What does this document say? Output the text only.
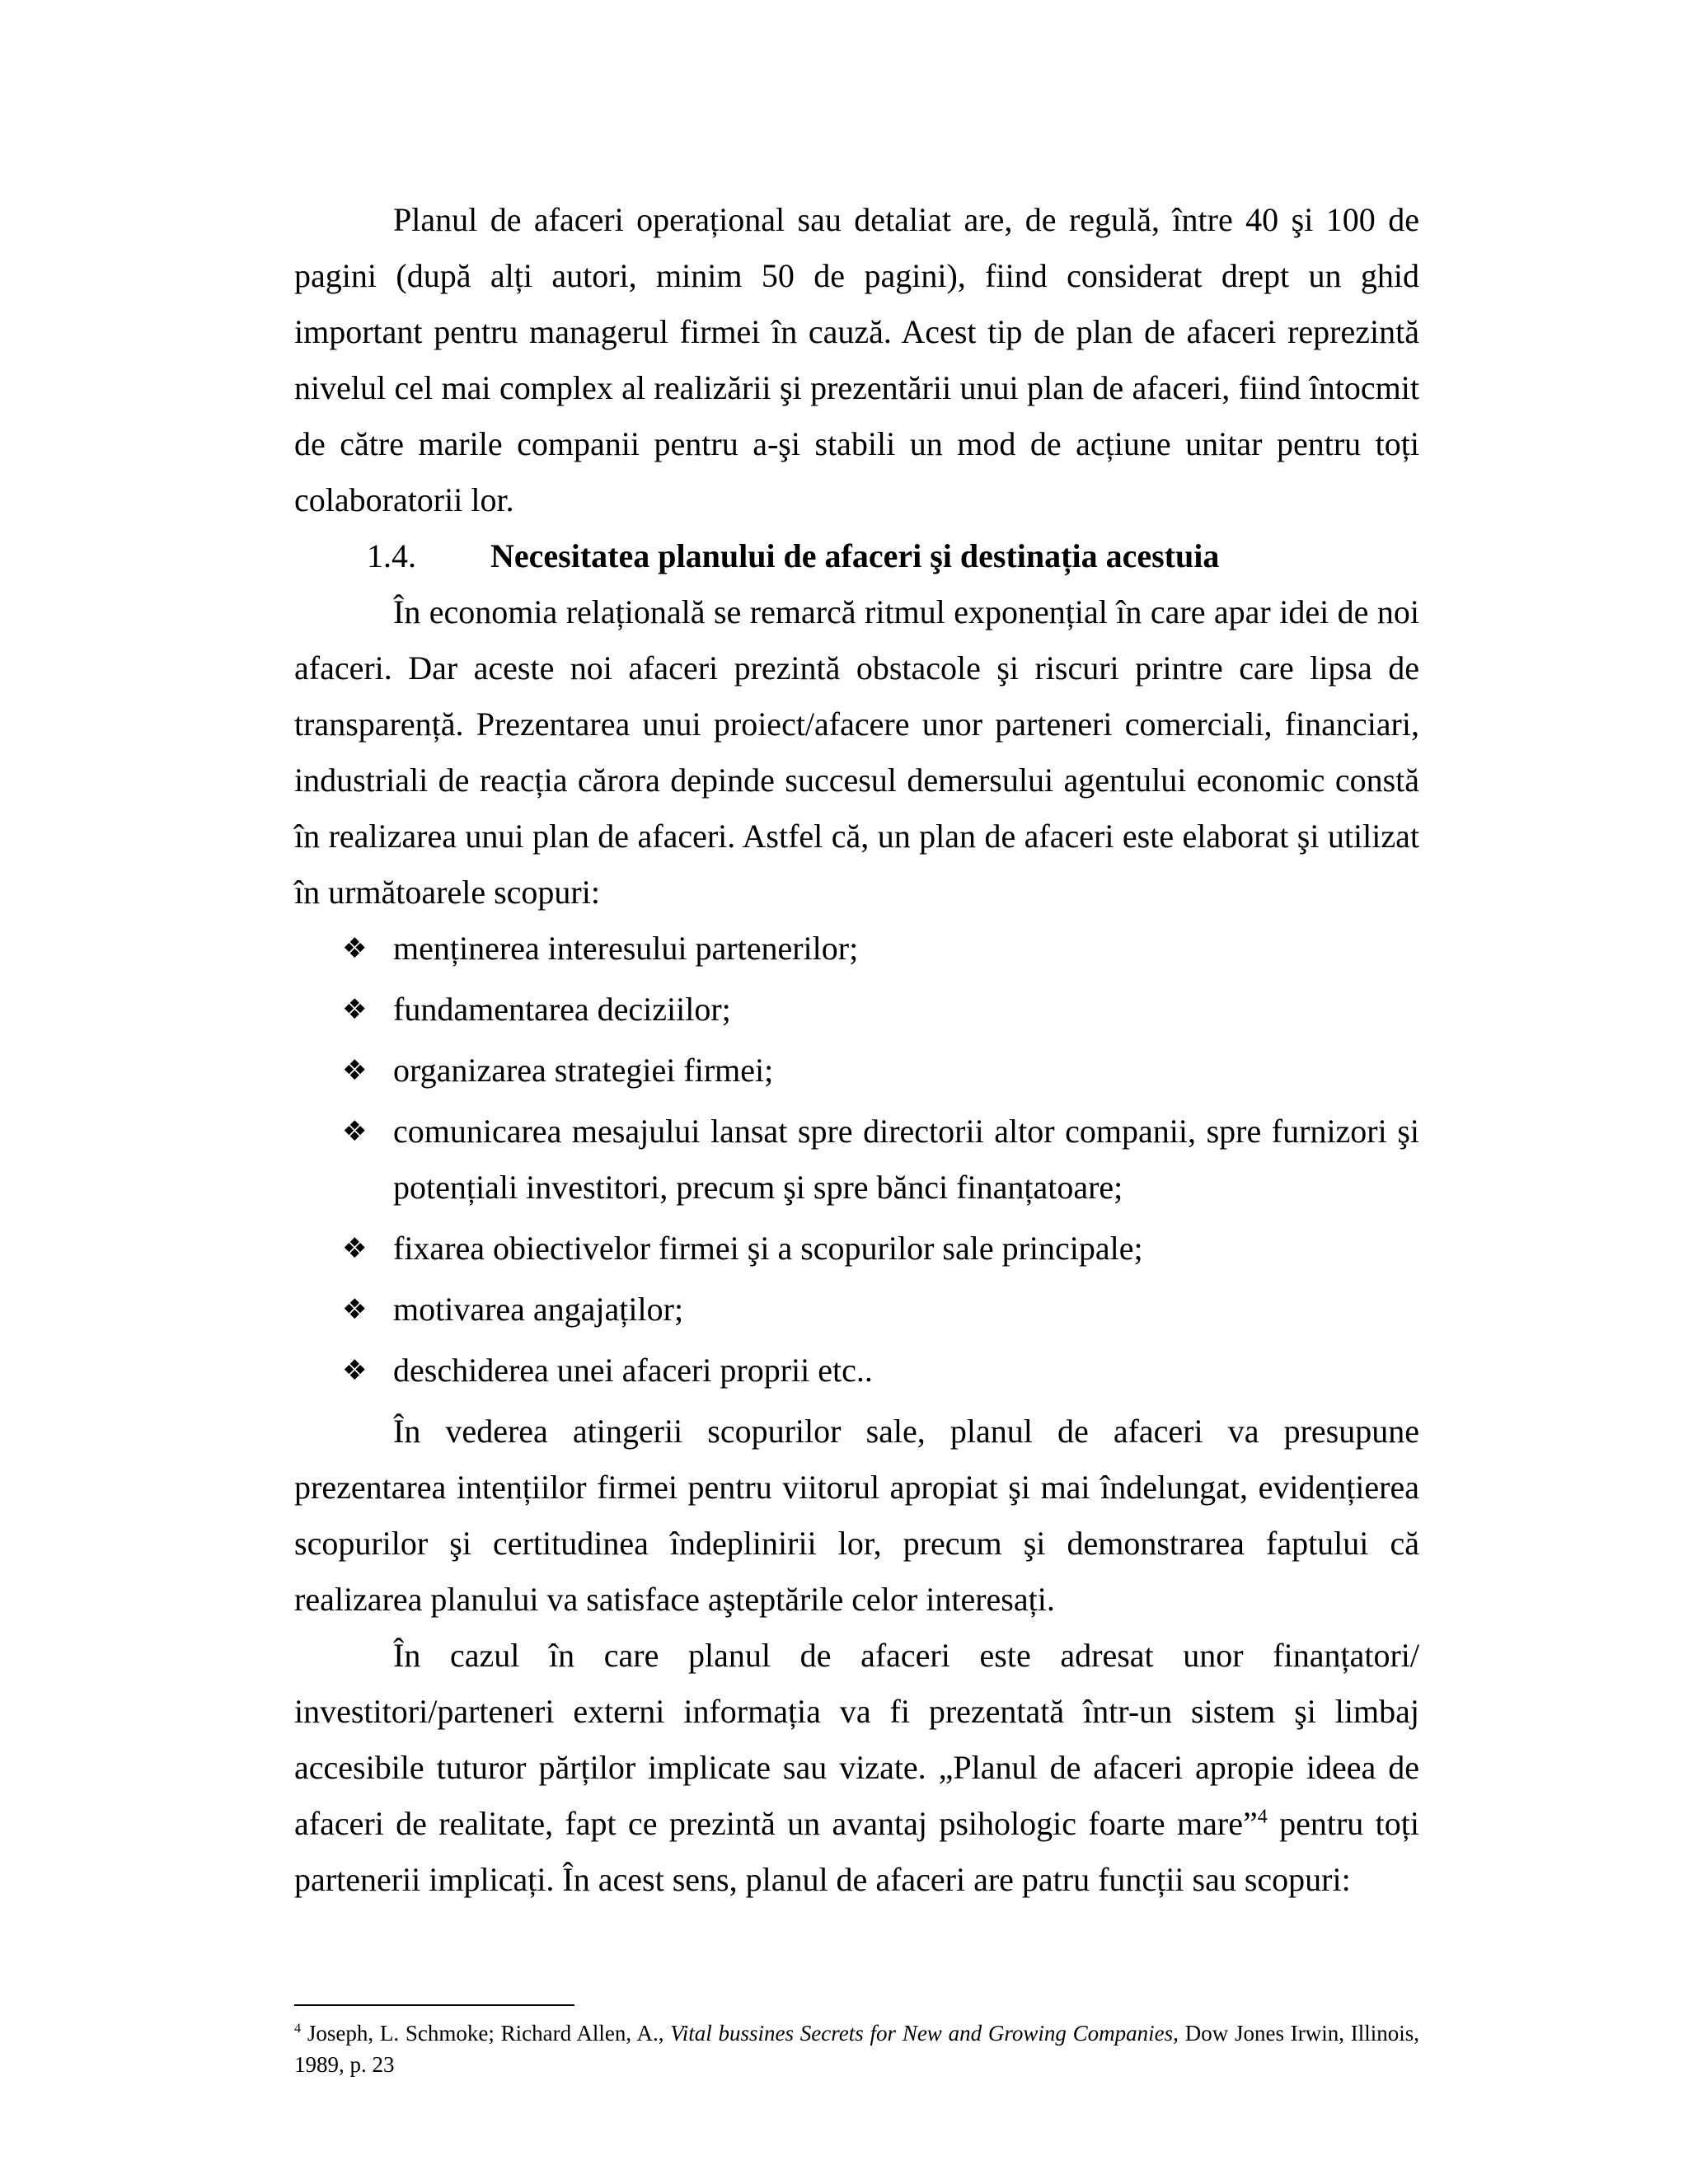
Planul de afaceri operațional sau detaliat are, de regulă, între 40 şi 100 de pagini (după alți autori, minim 50 de pagini), fiind considerat drept un ghid important pentru managerul firmei în cauză. Acest tip de plan de afaceri reprezintă nivelul cel mai complex al realizării şi prezentării unui plan de afaceri, fiind întocmit de către marile companii pentru a-şi stabili un mod de acțiune unitar pentru toți colaboratorii lor.

1.4.	Necesitatea planului de afaceri şi destinația acestuia

În economia relațională se remarcă ritmul exponențial în care apar idei de noi afaceri. Dar aceste noi afaceri prezintă obstacole şi riscuri printre care lipsa de transparență. Prezentarea unui proiect/afacere unor parteneri comerciali, financiari, industriali de reacția cărora depinde succesul demersului agentului economic constă în realizarea unui plan de afaceri. Astfel că, un plan de afaceri este elaborat şi utilizat în următoarele scopuri:

❖ menținerea interesului partenerilor;
❖ fundamentarea deciziilor;
❖ organizarea strategiei firmei;
❖ comunicarea mesajului lansat spre directorii altor companii, spre furnizori şi potențiali investitori, precum şi spre bănci finanțatoare;
❖ fixarea obiectivelor firmei şi a scopurilor sale principale;
❖ motivarea angajaților;
❖ deschiderea unei afaceri proprii etc..

În vederea atingerii scopurilor sale, planul de afaceri va presupune prezentarea intențiilor firmei pentru viitorul apropiat şi mai îndelungat, evidențierea scopurilor şi certitudinea îndeplinirii lor, precum şi demonstrarea faptului că realizarea planului va satisface aşteptările celor interesați.

În cazul în care planul de afaceri este adresat unor finanțatori/ investitori/parteneri externi informația va fi prezentată într-un sistem şi limbaj accesibile tuturor părților implicate sau vizate. „Planul de afaceri apropie ideea de afaceri de realitate, fapt ce prezintă un avantaj psihologic foarte mare”$^4$ pentru toți partenerii implicați. În acest sens, planul de afaceri are patru funcții sau scopuri:

$^4$ Joseph, L. Schmoke; Richard Allen, A., Vital bussines Secrets for New and Growing Companies, Dow Jones Irwin, Illinois, 1989, p. 23
